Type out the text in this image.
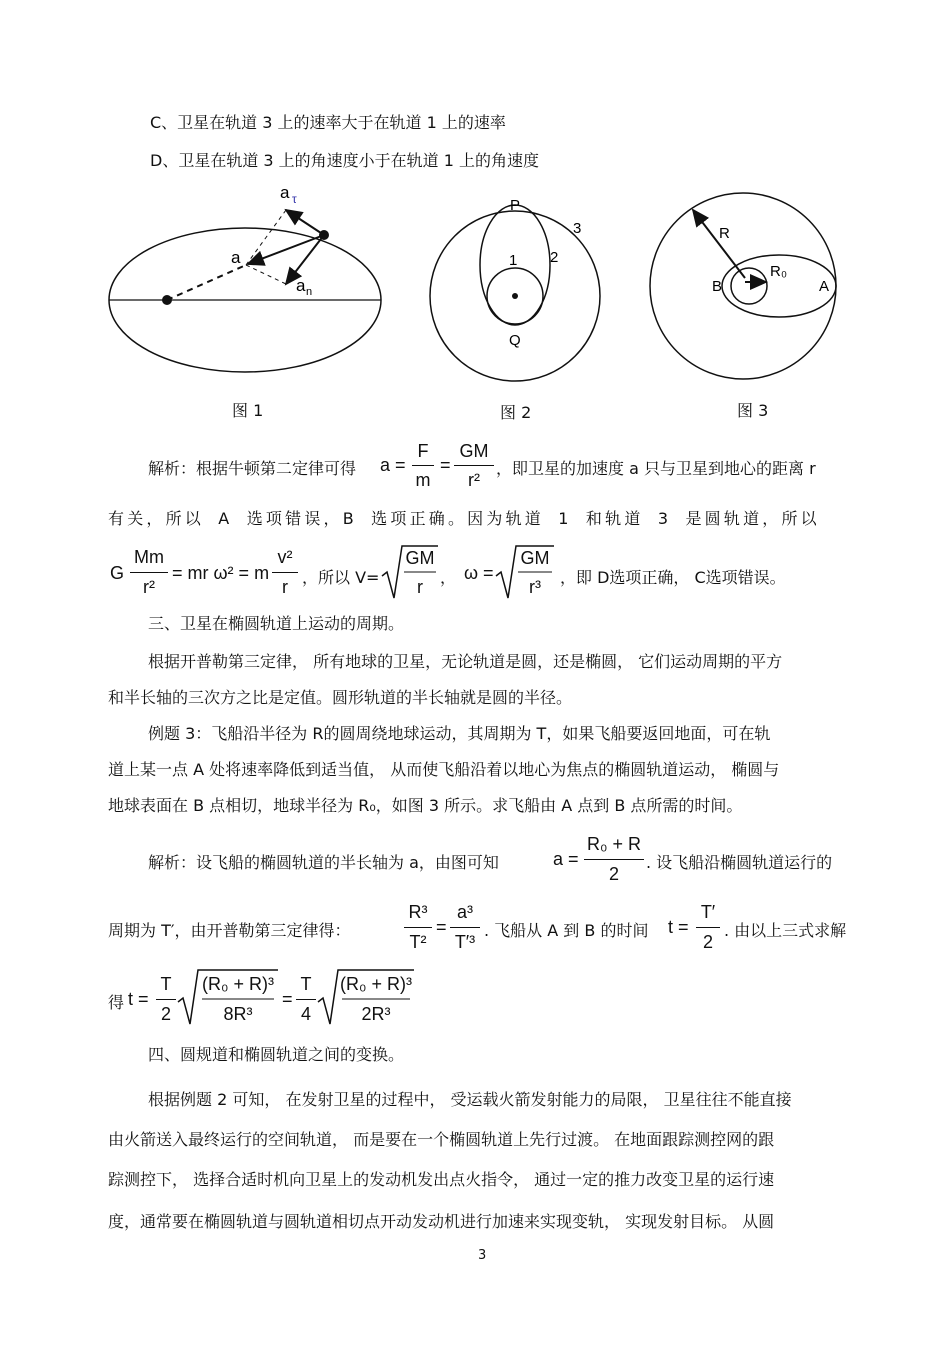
C、卫星在轨道 3 上的速率大于在轨道 1 上的速率
D、卫星在轨道 3 上的角速度小于在轨道 1 上的角速度
a
a τ
a n
图 1
P
Q
1 2
3
图 2
R
R₀
B	A
图 3
解析：根据牛顿第二定律可得 a =
F
m
=
GM
r²
，即卫星的加速度 a 只与卫星到地心的距离 r
有关，所以 A 选项错误，B 选项正确。因为轨道 1 和轨道 3 是圆轨道，所以
G
Mm
r²
= mr ω² = m
v²
r ，所以 V=
GM
r	， ω =
GM
r³	，即 D选项正确， C选项错误。
三、卫星在椭圆轨道上运动的周期。
根据开普勒第三定律， 所有地球的卫星，无论轨道是圆，还是椭圆， 它们运动周期的平方
和半长轴的三次方之比是定值。圆形轨道的半长轴就是圆的半径。
例题 3：飞船沿半径为 R的圆周绕地球运动，其周期为 T，如果飞船要返回地面，可在轨
道上某一点 A 处将速率降低到适当值， 从而使飞船沿着以地心为焦点的椭圆轨道运动， 椭圆与
地球表面在 B 点相切，地球半径为 R₀，如图 3 所示。求飞船由 A 点到 B 点所需的时间。
解析：设飞船的椭圆轨道的半长轴为 a，由图可知	a =
R₀ + R
2
. 设飞船沿椭圆轨道运行的
周期为 T′，由开普勒第三定律得：
R³
T²
=
a³
T′³
. 飞船从 A 到 B 的时间 t =
T′
2
. 由以上三式求解
得 t =
T
2
(R₀ + R)³
8R³
=
T
4
(R₀ + R)³
2R³
四、圆规道和椭圆轨道之间的变换。
根据例题 2 可知， 在发射卫星的过程中， 受运载火箭发射能力的局限， 卫星往往不能直接
由火箭送入最终运行的空间轨道， 而是要在一个椭圆轨道上先行过渡。 在地面跟踪测控网的跟
踪测控下， 选择合适时机向卫星上的发动机发出点火指令， 通过一定的推力改变卫星的运行速
度，通常要在椭圆轨道与圆轨道相切点开动发动机进行加速来实现变轨， 实现发射目标。 从圆
3
